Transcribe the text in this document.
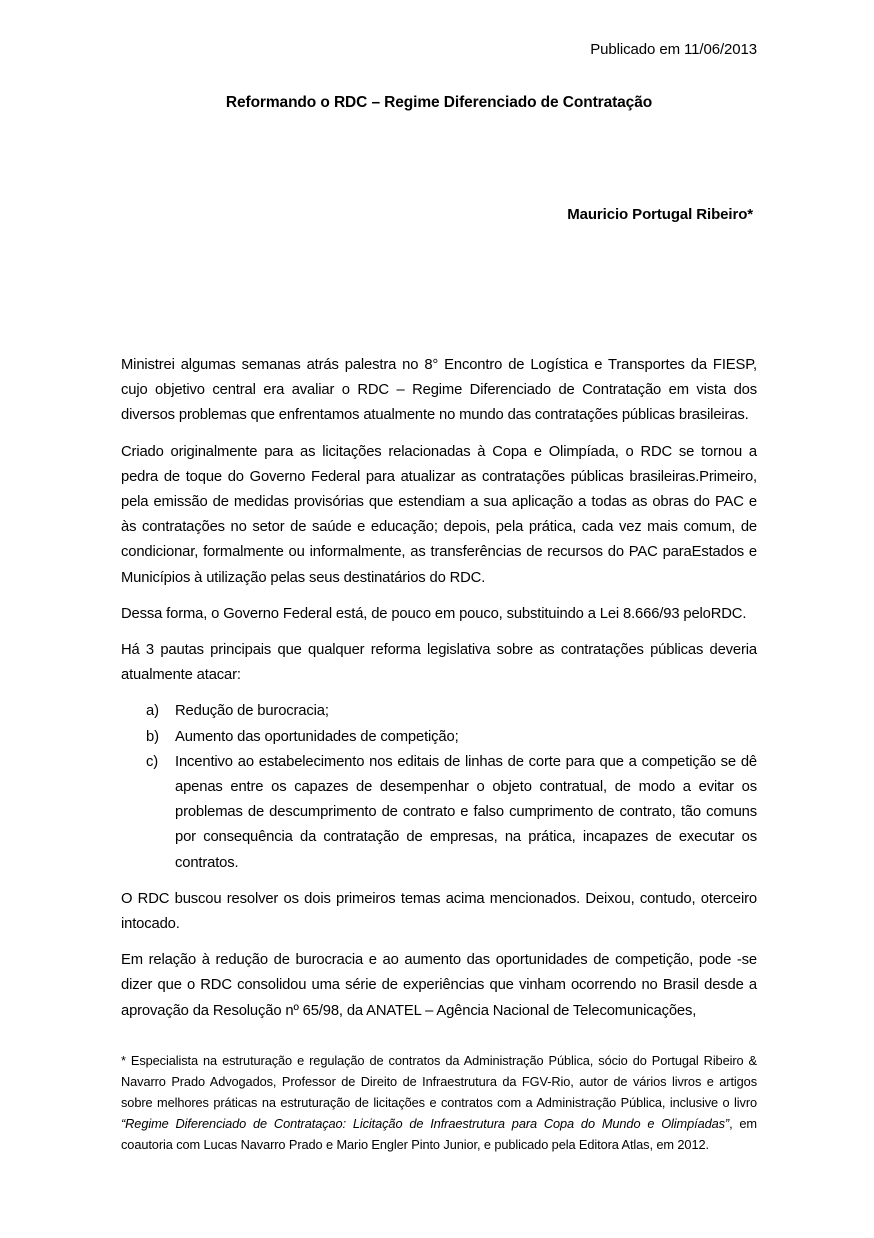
Publicado em 11/06/2013
Reformando o RDC – Regime Diferenciado de Contratação
Mauricio Portugal Ribeiro*

Ministrei algumas semanas atrás palestra no 8° Encontro de Logística e Transportes da FIESP, cujo objetivo central era avaliar o RDC – Regime Diferenciado de Contratação em vista dos diversos problemas que enfrentamos atualmente no mundo das contratações públicas brasileiras.

Criado originalmente para as licitações relacionadas à Copa e Olimpíada, o RDC se tornou a pedra de toque do Governo Federal para atualizar as contratações públicas brasileiras.Primeiro, pela emissão de medidas provisórias que estendiam a sua aplicação a todas as obras do PAC e às contratações no setor de saúde e educação; depois, pela prática, cada vez mais comum, de condicionar, formalmente ou informalmente, as transferências de recursos do PAC paraEstados e Municípios à utilização pelas seus destinatários do RDC.

Dessa forma, o Governo Federal está, de pouco em pouco, substituindo a Lei 8.666/93 peloRDC.

Há 3 pautas principais que qualquer reforma legislativa sobre as contratações públicas deveria atualmente atacar:

a) Redução de burocracia;
b) Aumento das oportunidades de competição;
c) Incentivo ao estabelecimento nos editais de linhas de corte para que a competição se dê apenas entre os capazes de desempenhar o objeto contratual, de modo a evitar os problemas de descumprimento de contrato e falso cumprimento de contrato, tão comuns por consequência da contratação de empresas, na prática, incapazes de executar os contratos.

O RDC buscou resolver os dois primeiros temas acima mencionados. Deixou, contudo, oterceiro intocado.

Em relação à redução de burocracia e ao aumento das oportunidades de competição, pode -se dizer que o RDC consolidou uma série de experiências que vinham ocorrendo no Brasil desde a aprovação da Resolução nº 65/98, da ANATEL – Agência Nacional de Telecomunicações,

* Especialista na estruturação e regulação de contratos da Administração Pública, sócio do Portugal Ribeiro & Navarro Prado Advogados, Professor de Direito de Infraestrutura da FGV-Rio, autor de vários livros e artigos sobre melhores práticas na estruturação de licitações e contratos com a Administração Pública, inclusive o livro “Regime Diferenciado de Contrataçao: Licitação de Infraestrutura para Copa do Mundo e Olimpíadas”, em coautoria com Lucas Navarro Prado e Mario Engler Pinto Junior, e publicado pela Editora Atlas, em 2012.
